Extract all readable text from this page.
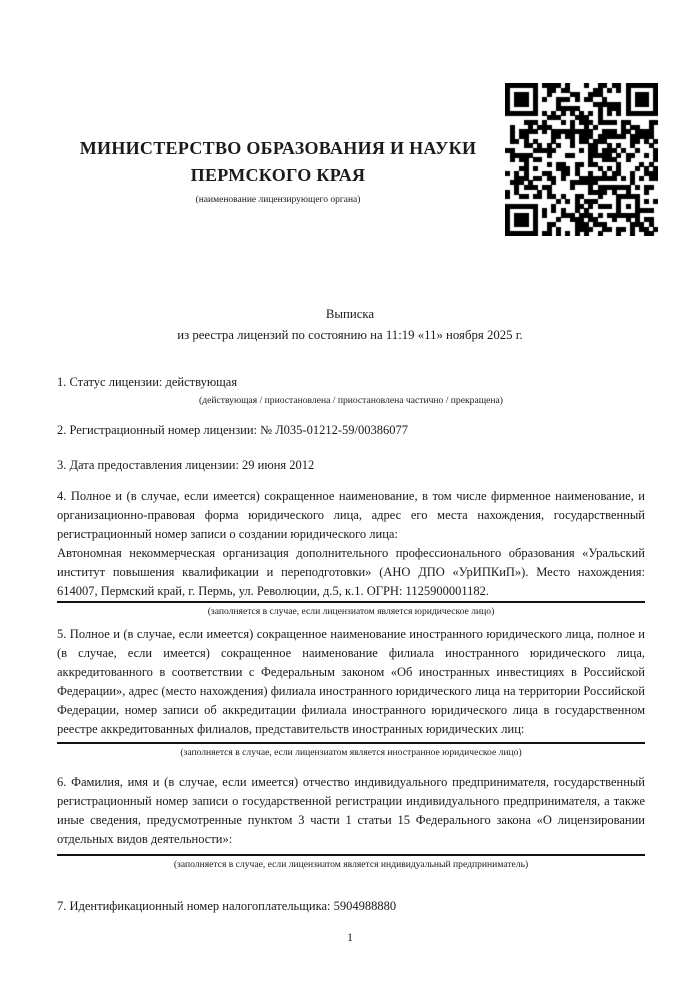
МИНИСТЕРСТВО ОБРАЗОВАНИЯ И НАУКИ ПЕРМСКОГО КРАЯ
(наименование лицензирующего органа)
Выписка
из реестра лицензий по состоянию на 11:19 «11» ноября 2025 г.

1. Статус лицензии: действующая

(действующая / приостановлена / приостановлена частично / прекращена)

2. Регистрационный номер лицензии: № Л035-01212-59/00386077

3. Дата предоставления лицензии: 29 июня 2012

4. Полное и (в случае, если имеется) сокращенное наименование, в том числе фирменное наименование, и организационно-правовая форма юридического лица, адрес его места нахождения, государственный регистрационный номер записи о создании юридического лица:

Автономная некоммерческая организация дополнительного профессионального образования «Уральский институт повышения квалификации и переподготовки» (АНО ДПО «УрИПКиП»). Место нахождения: 614007, Пермский край, г. Пермь, ул. Революции, д.5, к.1. ОГРН: 1125900001182.

(заполняется в случае, если лицензиатом является юридическое лицо)

5. Полное и (в случае, если имеется) сокращенное наименование иностранного юридического лица, полное и (в случае, если имеется) сокращенное наименование филиала иностранного юридического лица, аккредитованного в соответствии с Федеральным законом «Об иностранных инвестициях в Российской Федерации», адрес (место нахождения) филиала иностранного юридического лица на территории Российской Федерации, номер записи об аккредитации филиала иностранного юридического лица в государственном реестре аккредитованных филиалов, представительств иностранных юридических лиц:

(заполняется в случае, если лицензиатом является иностранное юридическое лицо)

6. Фамилия, имя и (в случае, если имеется) отчество индивидуального предпринимателя, государственный регистрационный номер записи о государственной регистрации индивидуального предпринимателя, а также иные сведения, предусмотренные пунктом 3 части 1 статьи 15 Федерального закона «О лицензировании отдельных видов деятельности»:

(заполняется в случае, если лицензиатом является индивидуальный предприниматель)

7. Идентификационный номер налогоплательщика: 5904988880

1
